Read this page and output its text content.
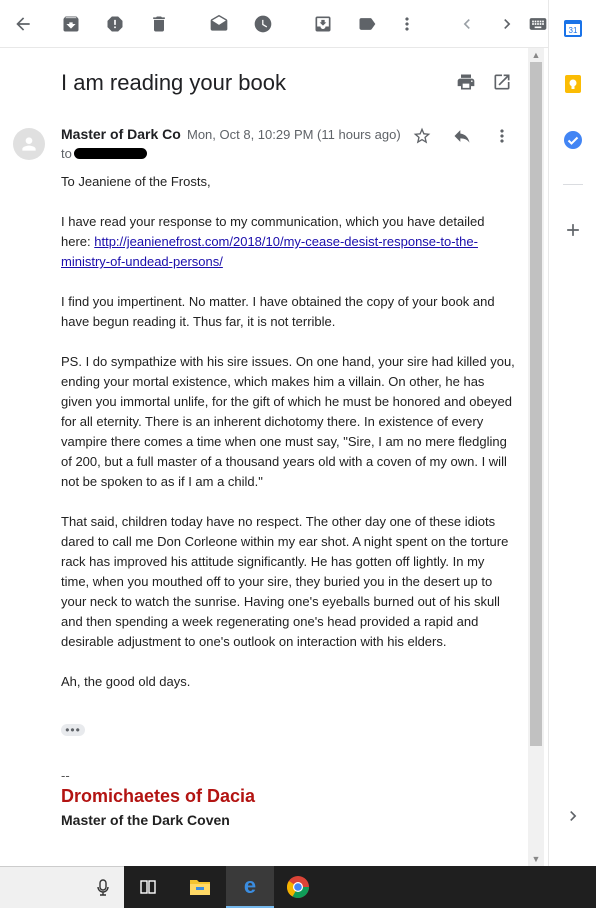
I am reading your book
Master of Dark Co Mon, Oct 8, 10:29 PM (11 hours ago)
to

To Jeaniene of the Frosts,

I have read your response to my communication, which you have detailed here: http://jeanienefrost.com/2018/10/my-cease-desist-response-to-the-ministry-of-undead-persons/

I find you impertinent. No matter. I have obtained the copy of your book and have begun reading it. Thus far, it is not terrible.

PS. I do sympathize with his sire issues. On one hand, your sire had killed you, ending your mortal existence, which makes him a villain. On other, he has given you immortal unlife, for the gift of which he must be honored and obeyed for all eternity. There is an inherent dichotomy there. In existence of every vampire there comes a time when one must say, "Sire, I am no mere fledgling of 200, but a full master of a thousand years old with a coven of my own. I will not be spoken to as if I am a child."

That said, children today have no respect. The other day one of these idiots dared to call me Don Corleone within my ear shot. A night spent on the torture rack has improved his attitude significantly. He has gotten off lightly. In my time, when you mouthed off to your sire, they buried you in the desert up to your neck to watch the sunrise. Having one's eyeballs burned out of his skull and then spending a week regenerating one's head provided a rapid and desirable adjustment to one's outlook on interaction with his elders.

Ah, the good old days.

•••
--
Dromichaetes of Dacia
Master of the Dark Coven
▲
▼
31
e
